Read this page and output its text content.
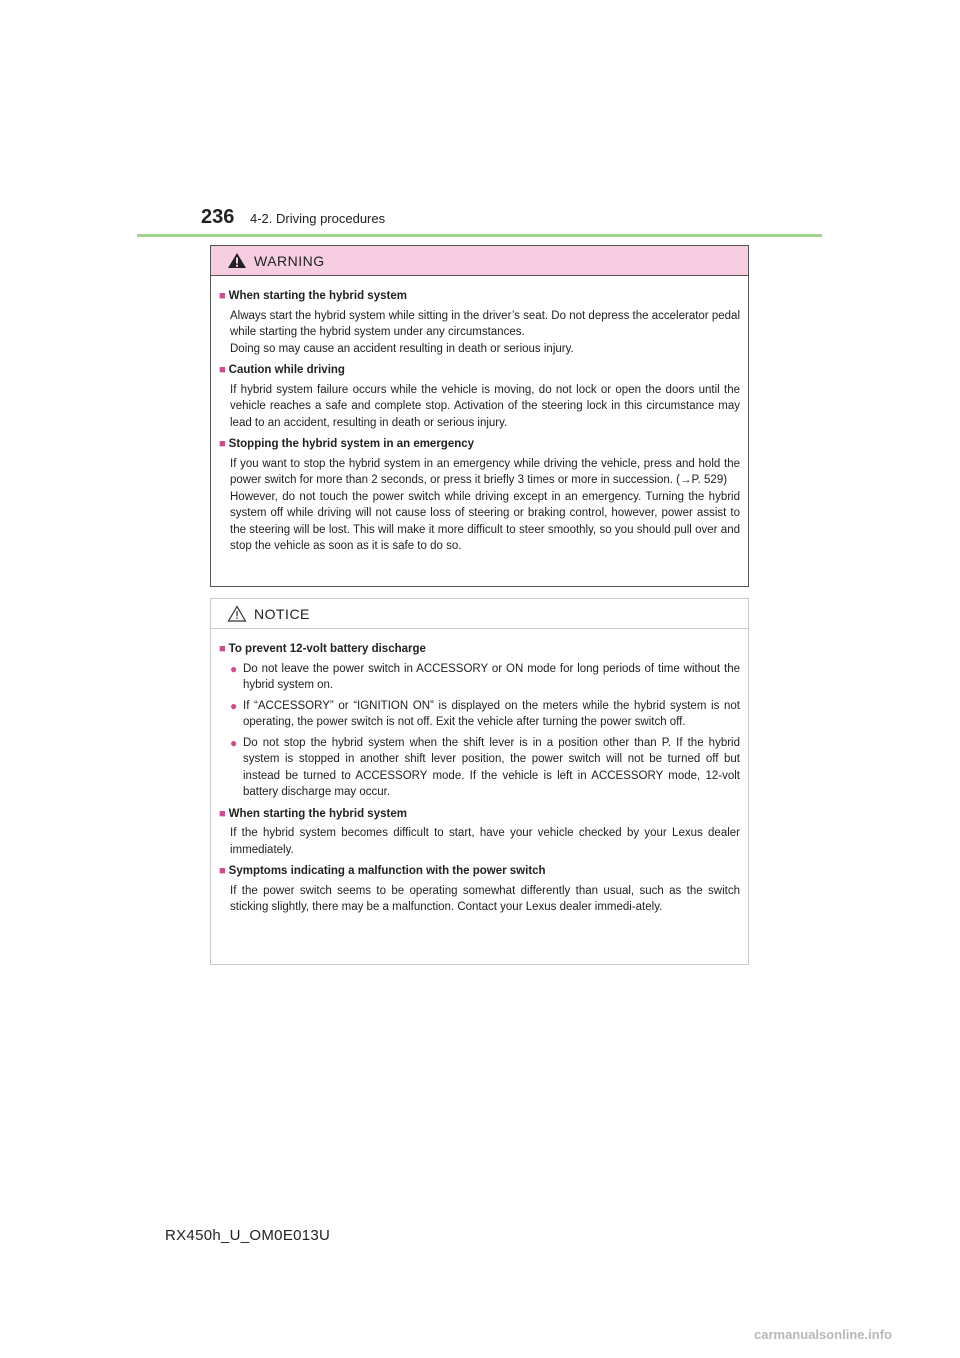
236 4-2. Driving procedures
WARNING
■ When starting the hybrid system

Always start the hybrid system while sitting in the driver’s seat. Do not depress the accelerator pedal while starting the hybrid system under any circumstances.

Doing so may cause an accident resulting in death or serious injury.

■ Caution while driving

If hybrid system failure occurs while the vehicle is moving, do not lock or open the doors until the vehicle reaches a safe and complete stop. Activation of the steering lock in this circumstance may lead to an accident, resulting in death or serious injury.

■ Stopping the hybrid system in an emergency

If you want to stop the hybrid system in an emergency while driving the vehicle, press and hold the power switch for more than 2 seconds, or press it briefly 3 times or more in succession. (→P. 529)

However, do not touch the power switch while driving except in an emergency. Turning the hybrid system off while driving will not cause loss of steering or braking control, however, power assist to the steering will be lost. This will make it more difficult to steer smoothly, so you should pull over and stop the vehicle as soon as it is safe to do so.

NOTICE
■ To prevent 12-volt battery discharge
● Do not leave the power switch in ACCESSORY or ON mode for long periods of time without the hybrid system on.
● If “ACCESSORY” or “IGNITION ON” is displayed on the meters while the hybrid system is not operating, the power switch is not off. Exit the vehicle after turning the power switch off.
● Do not stop the hybrid system when the shift lever is in a position other than P. If the hybrid system is stopped in another shift lever position, the power switch will not be turned off but instead be turned to ACCESSORY mode. If the vehicle is left in ACCESSORY mode, 12-volt battery discharge may occur.
■ When starting the hybrid system

If the hybrid system becomes difficult to start, have your vehicle checked by your Lexus dealer immediately.

■ Symptoms indicating a malfunction with the power switch

If the power switch seems to be operating somewhat differently than usual, such as the switch sticking slightly, there may be a malfunction. Contact your Lexus dealer immedi-ately.

RX450h_U_OM0E013U
carmanualsonline.info
